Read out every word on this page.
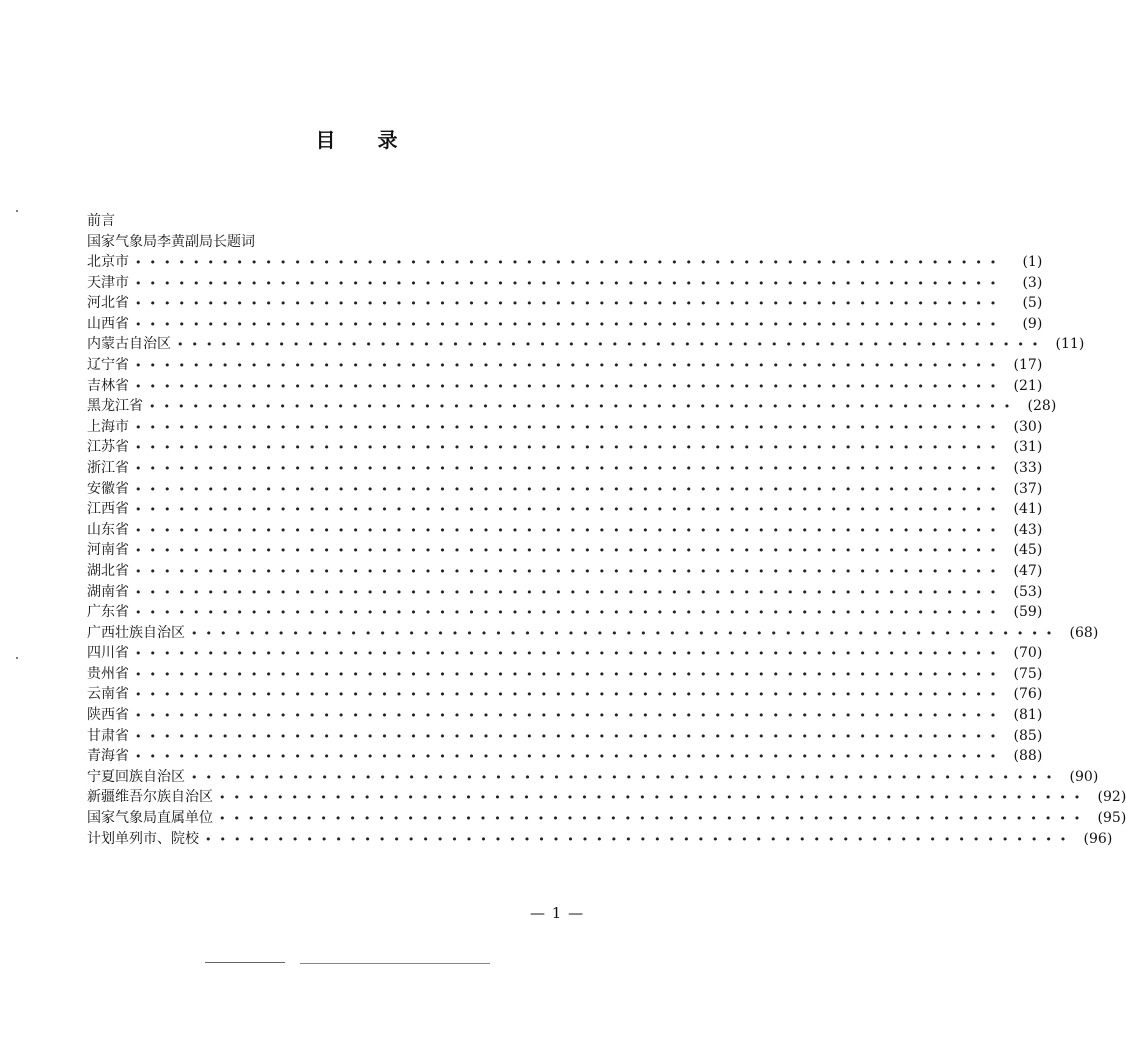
目 录
前言
国家气象局李黄副局长题词
北京市 ••••••••••••••••••••••••••••••••••••••••••••••••••••••••••••	(1)
天津市 ••••••••••••••••••••••••••••••••••••••••••••••••••••••••••••	(3)
河北省 ••••••••••••••••••••••••••••••••••••••••••••••••••••••••••••	(5)
山西省 ••••••••••••••••••••••••••••••••••••••••••••••••••••••••••••	(9)
内蒙古自治区 •••••••••••••••••••••••••••••••••••••••••••••••••••••••••••• (11)
辽宁省 •••••••••••••••••••••••••••••••••••••••••••••••••••••••••••• (17)
吉林省 •••••••••••••••••••••••••••••••••••••••••••••••••••••••••••• (21)
黑龙江省 •••••••••••••••••••••••••••••••••••••••••••••••••••••••••••• (28)
上海市 •••••••••••••••••••••••••••••••••••••••••••••••••••••••••••• (30)
江苏省 •••••••••••••••••••••••••••••••••••••••••••••••••••••••••••• (31)
浙江省 •••••••••••••••••••••••••••••••••••••••••••••••••••••••••••• (33)
安徽省 •••••••••••••••••••••••••••••••••••••••••••••••••••••••••••• (37)
江西省 •••••••••••••••••••••••••••••••••••••••••••••••••••••••••••• (41)
山东省 •••••••••••••••••••••••••••••••••••••••••••••••••••••••••••• (43)
河南省 •••••••••••••••••••••••••••••••••••••••••••••••••••••••••••• (45)
湖北省 •••••••••••••••••••••••••••••••••••••••••••••••••••••••••••• (47)
湖南省 •••••••••••••••••••••••••••••••••••••••••••••••••••••••••••• (53)
广东省 •••••••••••••••••••••••••••••••••••••••••••••••••••••••••••• (59)
广西壮族自治区 •••••••••••••••••••••••••••••••••••••••••••••••••••••••••••• (68)
四川省 •••••••••••••••••••••••••••••••••••••••••••••••••••••••••••• (70)
贵州省 •••••••••••••••••••••••••••••••••••••••••••••••••••••••••••• (75)
云南省 •••••••••••••••••••••••••••••••••••••••••••••••••••••••••••• (76)
陕西省 •••••••••••••••••••••••••••••••••••••••••••••••••••••••••••• (81)
甘肃省 •••••••••••••••••••••••••••••••••••••••••••••••••••••••••••• (85)
青海省 •••••••••••••••••••••••••••••••••••••••••••••••••••••••••••• (88)
宁夏回族自治区 •••••••••••••••••••••••••••••••••••••••••••••••••••••••••••• (90)
新疆维吾尔族自治区 •••••••••••••••••••••••••••••••••••••••••••••••••••••••••••• (92)
国家气象局直属单位 •••••••••••••••••••••••••••••••••••••••••••••••••••••••••••• (95)
计划单列市、院校 •••••••••••••••••••••••••••••••••••••••••••••••••••••••••••• (96)
— 1 —
